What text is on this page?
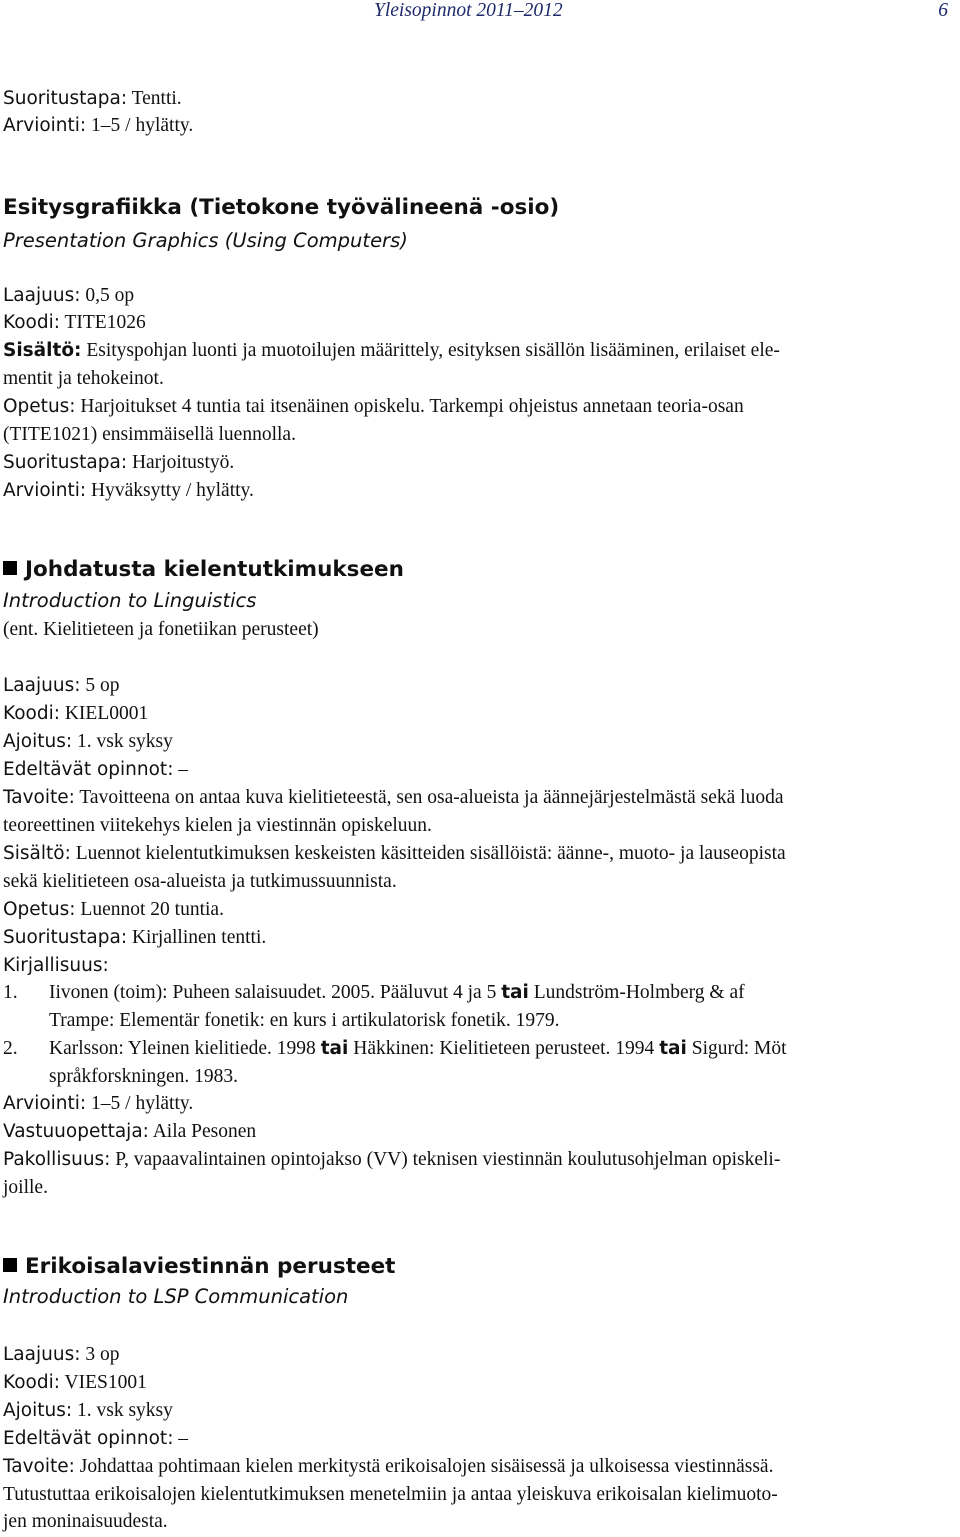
Yleisopinnot 2011–2012	6
Suoritustapa: Tentti.
Arviointi: 1–5 / hylätty.
Esitysgrafiikka (Tietokone työvälineenä -osio)
Presentation Graphics (Using Computers)
Laajuus: 0,5 op
Koodi: TITE1026
Sisältö: Esityspohjan luonti ja muotoilujen määrittely, esityksen sisällön lisääminen, erilaiset ele-
mentit ja tehokeinot.
Opetus: Harjoitukset 4 tuntia tai itsenäinen opiskelu. Tarkempi ohjeistus annetaan teoria-osan
(TITE1021) ensimmäisellä luennolla.
Suoritustapa: Harjoitustyö.
Arviointi: Hyväksytty / hylätty.
Johdatusta kielentutkimukseen
Introduction to Linguistics
(ent. Kielitieteen ja fonetiikan perusteet)
Laajuus: 5 op
Koodi: KIEL0001
Ajoitus: 1. vsk syksy
Edeltävät opinnot: –
Tavoite: Tavoitteena on antaa kuva kielitieteestä, sen osa-alueista ja äännejärjestelmästä sekä luoda
teoreettinen viitekehys kielen ja viestinnän opiskeluun.
Sisältö: Luennot kielentutkimuksen keskeisten käsitteiden sisällöistä: äänne-, muoto- ja lauseopista
sekä kielitieteen osa-alueista ja tutkimussuunnista.
Opetus: Luennot 20 tuntia.
Suoritustapa: Kirjallinen tentti.
Kirjallisuus:
1. Iivonen (toim): Puheen salaisuudet. 2005. Pääluvut 4 ja 5 tai Lundström-Holmberg & af
Trampe: Elementär fonetik: en kurs i artikulatorisk fonetik. 1979.
2. Karlsson: Yleinen kielitiede. 1998 tai Häkkinen: Kielitieteen perusteet. 1994 tai Sigurd: Möt
språkforskningen. 1983.
Arviointi: 1–5 / hylätty.
Vastuuopettaja: Aila Pesonen
Pakollisuus: P, vapaavalintainen opintojakso (VV) teknisen viestinnän koulutusohjelman opiskeli-
joille.
Erikoisalaviestinnän perusteet
Introduction to LSP Communication
Laajuus: 3 op
Koodi: VIES1001
Ajoitus: 1. vsk syksy
Edeltävät opinnot: –
Tavoite: Johdattaa pohtimaan kielen merkitystä erikoisalojen sisäisessä ja ulkoisessa viestinnässä.
Tutustuttaa erikoisalojen kielentutkimuksen menetelmiin ja antaa yleiskuva erikoisalan kielimuoto-
jen moninaisuudesta.
